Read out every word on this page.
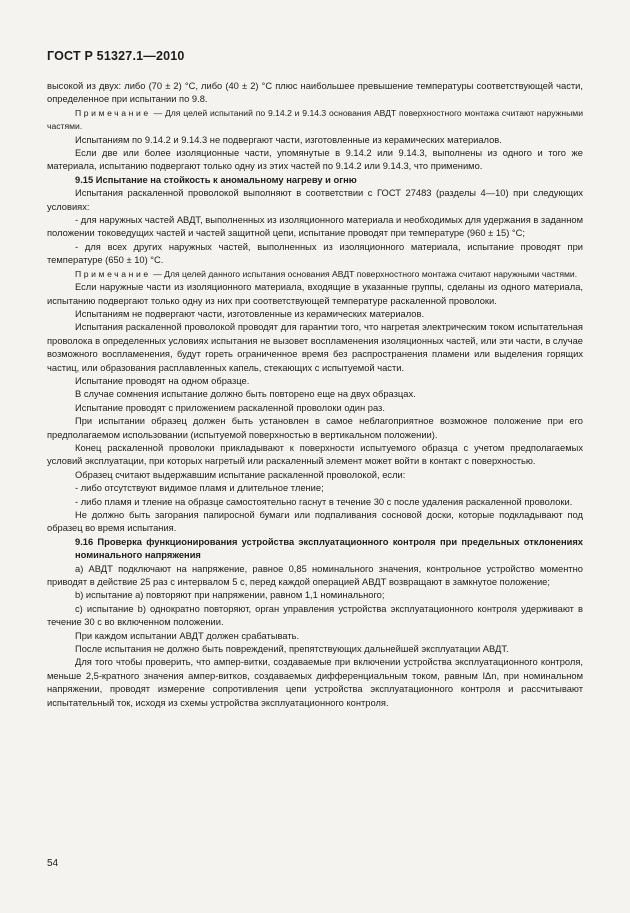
ГОСТ Р 51327.1—2010

высокой из двух: либо (70 ± 2) °С, либо (40 ± 2) °С плюс наибольшее превышение температуры соответствующей части, определенное при испытании по 9.8.

Примечание — Для целей испытаний по 9.14.2 и 9.14.3 основания АВДТ поверхностного монтажа считают наружными частями.

Испытаниям по 9.14.2 и 9.14.3 не подвергают части, изготовленные из керамических материалов.

Если две или более изоляционные части, упомянутые в 9.14.2 или 9.14.3, выполнены из одного и того же материала, испытанию подвергают только одну из этих частей по 9.14.2 или 9.14.3, что применимо.

9.15 Испытание на стойкость к аномальному нагреву и огню

Испытания раскаленной проволокой выполняют в соответствии с ГОСТ 27483 (разделы 4—10) при следующих условиях:

- для наружных частей АВДТ, выполненных из изоляционного материала и необходимых для удержания в заданном положении токоведущих частей и частей защитной цепи, испытание проводят при температуре (960 ± 15) °С;

- для всех других наружных частей, выполненных из изоляционного материала, испытание проводят при температуре (650 ± 10) °С.

Примечание — Для целей данного испытания основания АВДТ поверхностного монтажа считают наружными частями.

Если наружные части из изоляционного материала, входящие в указанные группы, сделаны из одного материала, испытанию подвергают только одну из них при соответствующей температуре раскаленной проволоки.

Испытаниям не подвергают части, изготовленные из керамических материалов.

Испытания раскаленной проволокой проводят для гарантии того, что нагретая электрическим током испытательная проволока в определенных условиях испытания не вызовет воспламенения изоляционных частей, или эти части, в случае возможного воспламенения, будут гореть ограниченное время без распространения пламени или выделения горящих частиц, или образования расплавленных капель, стекающих с испытуемой части.

Испытание проводят на одном образце.

В случае сомнения испытание должно быть повторено еще на двух образцах.

Испытание проводят с приложением раскаленной проволоки один раз.

При испытании образец должен быть установлен в самое неблагоприятное возможное положение при его предполагаемом использовании (испытуемой поверхностью в вертикальном положении).

Конец раскаленной проволоки прикладывают к поверхности испытуемого образца с учетом предполагаемых условий эксплуатации, при которых нагретый или раскаленный элемент может войти в контакт с поверхностью.

Образец считают выдержавшим испытание раскаленной проволокой, если:

- либо отсутствуют видимое пламя и длительное тление;

- либо пламя и тление на образце самостоятельно гаснут в течение 30 с после удаления раскаленной проволоки.

Не должно быть загорания папиросной бумаги или подпаливания сосновой доски, которые подкладывают под образец во время испытания.

9.16 Проверка функционирования устройства эксплуатационного контроля при предельных отклонениях номинального напряжения

а) АВДТ подключают на напряжение, равное 0,85 номинального значения, контрольное устройство моментно приводят в действие 25 раз с интервалом 5 с, перед каждой операцией АВДТ возвращают в замкнутое положение;

b) испытание а) повторяют при напряжении, равном 1,1 номинального;

с) испытание b) однократно повторяют, орган управления устройства эксплуатационного контроля удерживают в течение 30 с во включенном положении.

При каждом испытании АВДТ должен срабатывать.

После испытания не должно быть повреждений, препятствующих дальнейшей эксплуатации АВДТ.

Для того чтобы проверить, что ампер-витки, создаваемые при включении устройства эксплуатационного контроля, меньше 2,5-кратного значения ампер-витков, создаваемых дифференциальным током, равным IΔn, при номинальном напряжении, проводят измерение сопротивления цепи устройства эксплуатационного контроля и рассчитывают испытательный ток, исходя из схемы устройства эксплуатационного контроля.

54
